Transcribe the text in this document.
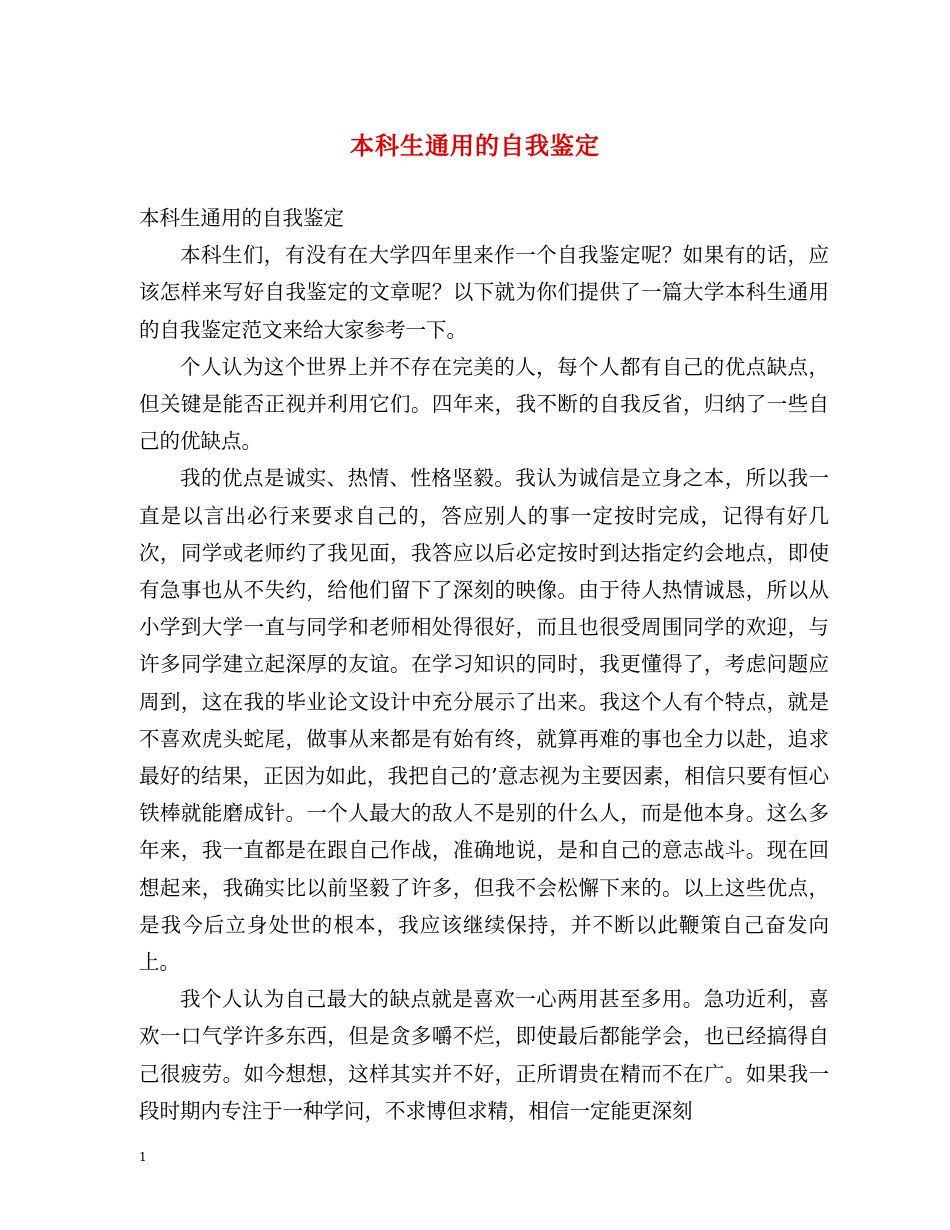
本科生通用的自我鉴定

本科生通用的自我鉴定

本科生们，有没有在大学四年里来作一个自我鉴定呢？如果有的话，应该怎样来写好自我鉴定的文章呢？以下就为你们提供了一篇大学本科生通用的自我鉴定范文来给大家参考一下。

个人认为这个世界上并不存在完美的人，每个人都有自己的优点缺点，但关键是能否正视并利用它们。四年来，我不断的自我反省，归纳了一些自己的优缺点。

我的优点是诚实、热情、性格坚毅。我认为诚信是立身之本，所以我一直是以言出必行来要求自己的，答应别人的事一定按时完成，记得有好几次，同学或老师约了我见面，我答应以后必定按时到达指定约会地点，即使有急事也从不失约，给他们留下了深刻的映像。由于待人热情诚恳，所以从小学到大学一直与同学和老师相处得很好，而且也很受周围同学的欢迎，与许多同学建立起深厚的友谊。在学习知识的同时，我更懂得了，考虑问题应周到，这在我的毕业论文设计中充分展示了出来。我这个人有个特点，就是不喜欢虎头蛇尾，做事从来都是有始有终，就算再难的事也全力以赴，追求最好的结果，正因为如此，我把自己的’意志视为主要因素，相信只要有恒心铁棒就能磨成针。一个人最大的敌人不是别的什么人，而是他本身。这么多年来，我一直都是在跟自己作战，准确地说，是和自己的意志战斗。现在回想起来，我确实比以前坚毅了许多，但我不会松懈下来的。以上这些优点，是我今后立身处世的根本，我应该继续保持，并不断以此鞭策自己奋发向上。

我个人认为自己最大的缺点就是喜欢一心两用甚至多用。急功近利，喜欢一口气学许多东西，但是贪多嚼不烂，即使最后都能学会，也已经搞得自己很疲劳。如今想想，这样其实并不好，正所谓贵在精而不在广。如果我一段时期内专注于一种学问，不求博但求精，相信一定能更深刻

1
